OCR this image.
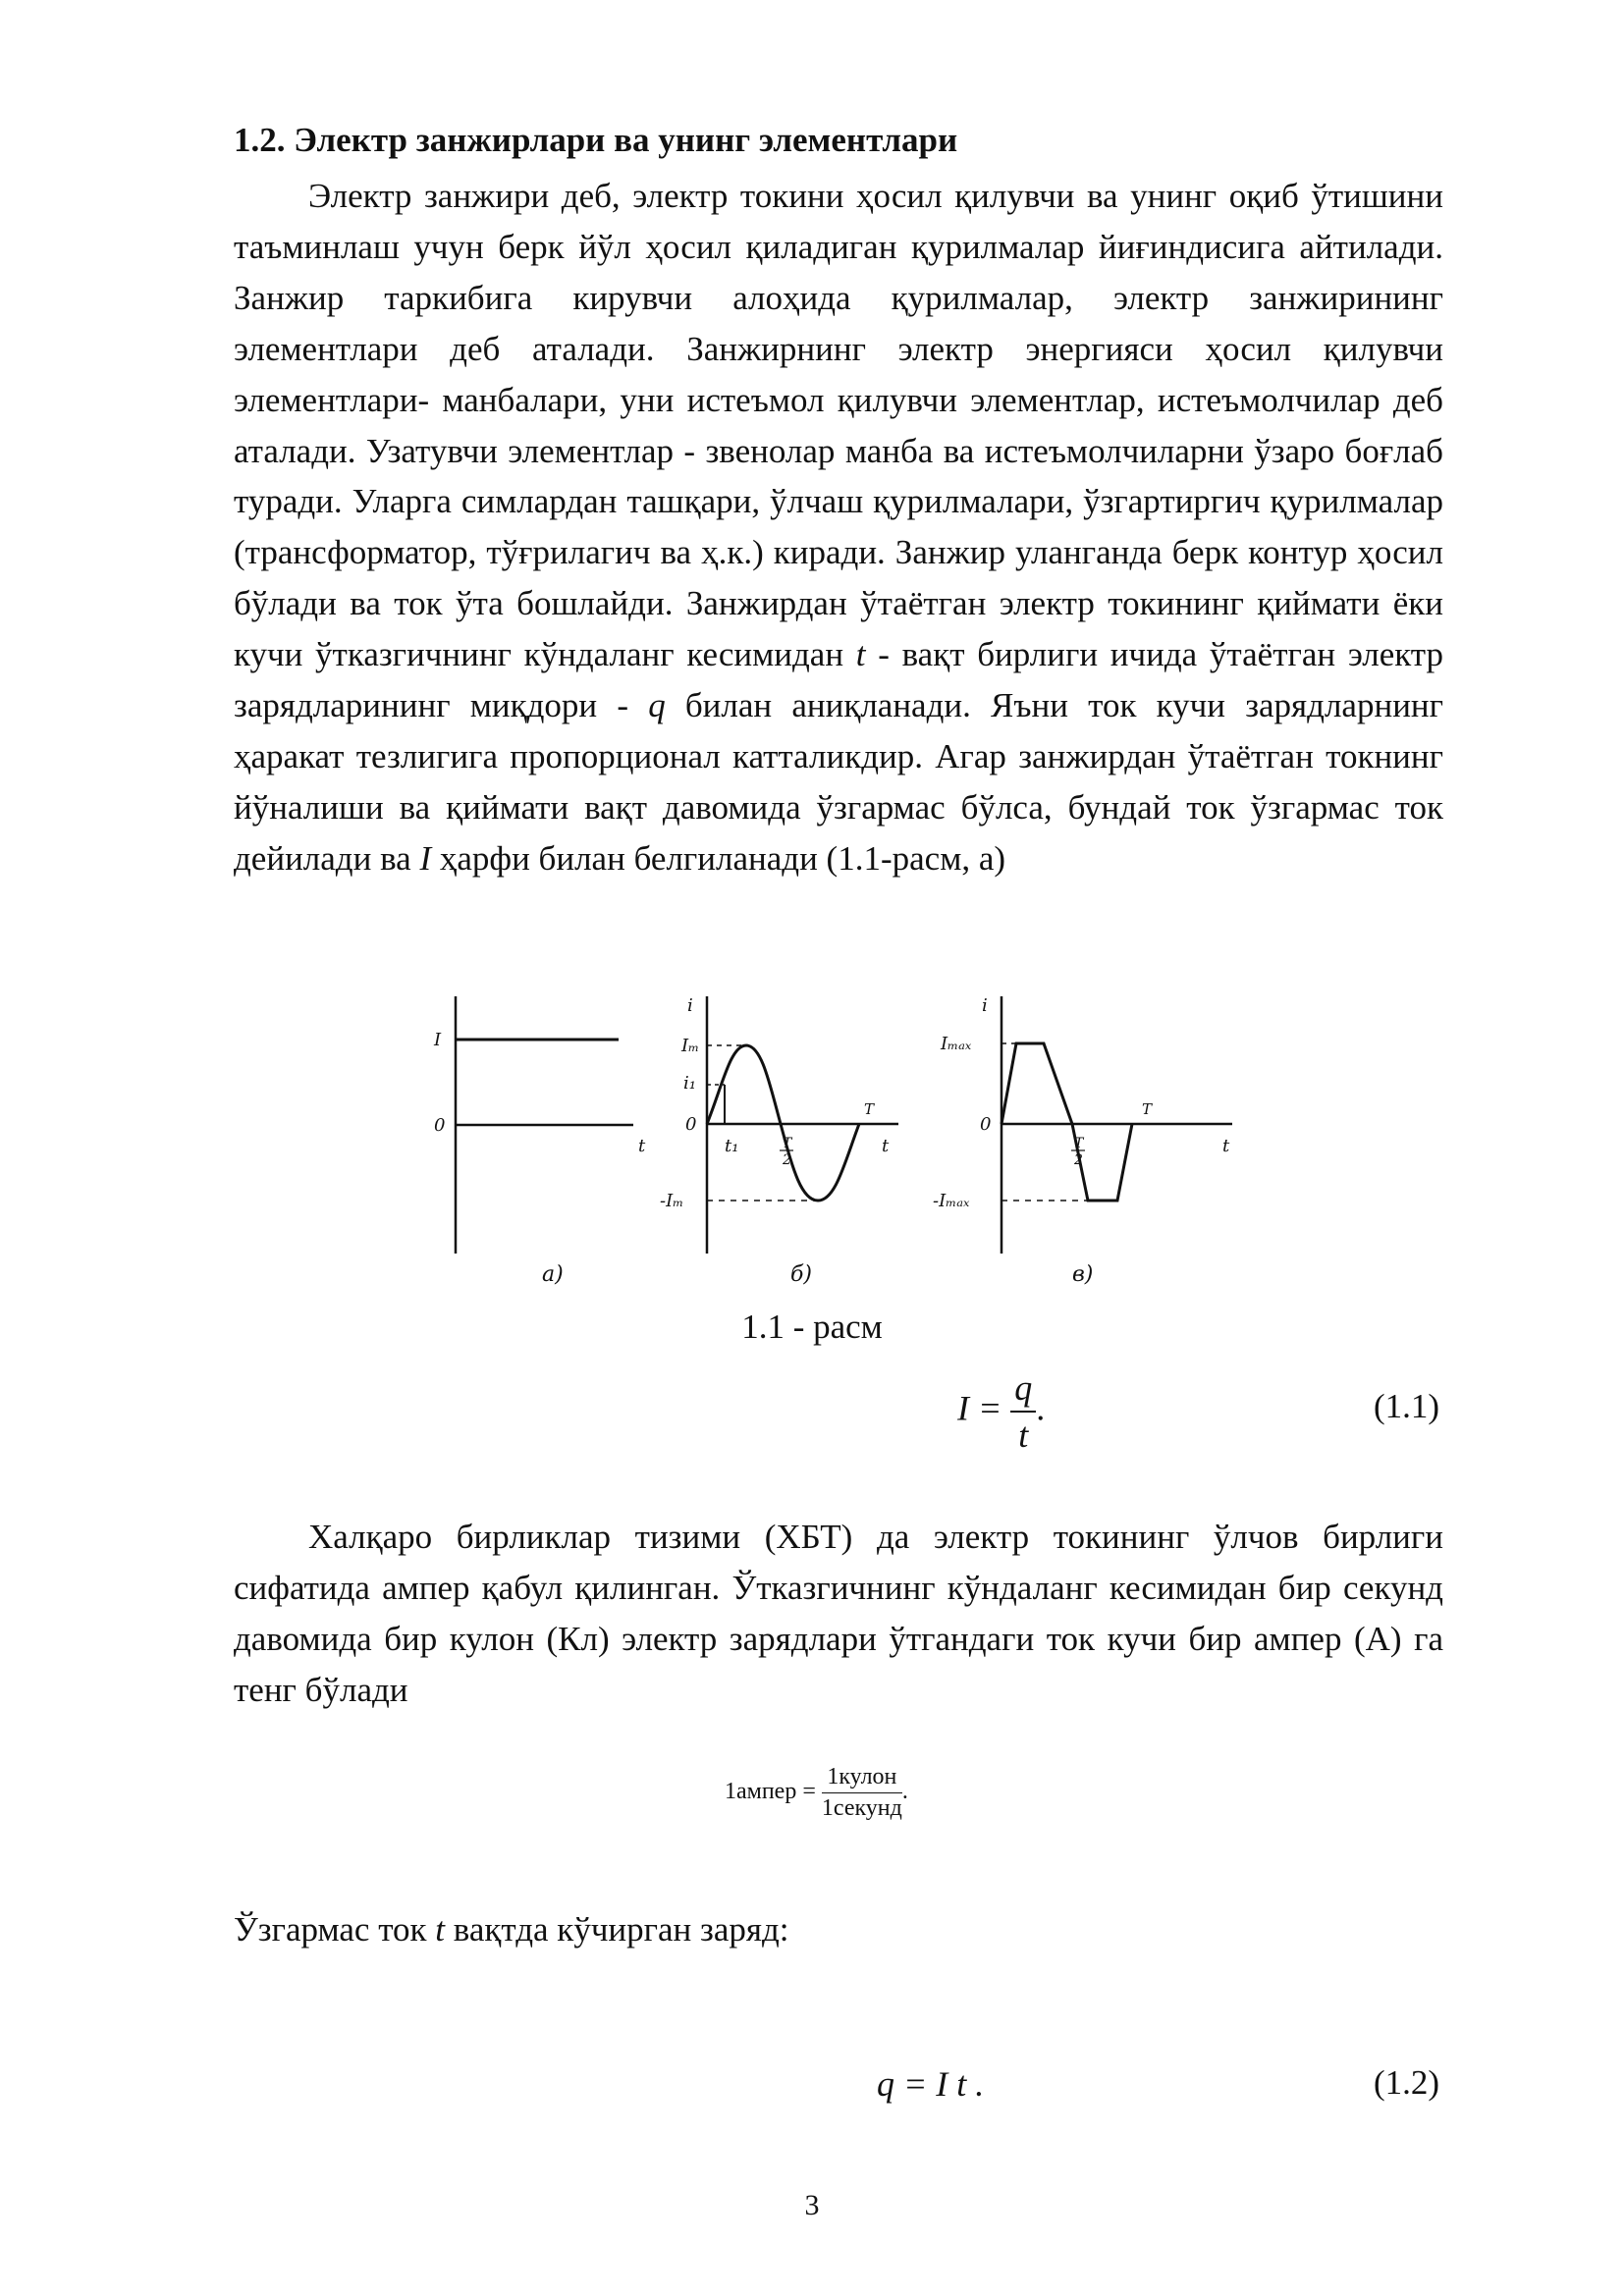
1.2. Электр занжирлари ва унинг элементлари

Электр занжири деб, электр токини ҳосил қилувчи ва унинг оқиб ўтишини таъминлаш учун берк йўл ҳосил қиладиган қурилмалар йиғиндисига айтилади. Занжир таркибига кирувчи алоҳида қурилмалар, электр занжирининг элементлари деб аталади. Занжирнинг электр энергияси ҳосил қилувчи элементлари- манбалари, уни истеъмол қилувчи элементлар, истеъмолчилар деб аталади. Узатувчи элементлар - звенолар манба ва истеъмолчиларни ўзаро боғлаб туради. Уларга симлардан ташқари, ўлчаш қурилмалари, ўзгартиргич қурилмалар (трансформатор, тўғрилагич ва ҳ.к.) киради. Занжир уланганда берк контур ҳосил бўлади ва ток ўта бошлайди. Занжирдан ўтаётган электр токининг қиймати ёки кучи ўтказгичнинг кўндаланг кесимидан t - вақт бирлиги ичида ўтаётган электр зарядларининг миқдори - q билан аниқланади. Яъни ток кучи зарядларнинг ҳаракат тезлигига пропорционал катталикдир. Агар занжирдан ўтаётган токнинг йўналиши ва қиймати вақт давомида ўзгармас бўлса, бундай ток ўзгармас ток дейилади ва I ҳарфи билан белгиланади (1.1-расм, а)

I
0
t
а)
i
Iₘ
i₁
0
t₁	T
2
T
t
-Iₘ
б)
i
Iₘₐₓ
0
T
2
T
t
-Iₘₐₓ
в)
1.1 - расм
$I = \frac{q}{t}$ .	(1.1)

Халқаро бирликлар тизими (ХБТ) да электр токининг ўлчов бирлиги сифатида ампер қабул қилинган. Ўтказгичнинг кўндаланг кесимидан бир секунд давомида бир кулон (Кл) электр зарядлари ўтгандаги ток кучи бир ампер (А) га тенг бўлади

1ампер = $\frac{\text{1кулон}}{\text{1секунд}}$ .

Ўзгармас ток t вақтда кўчирган заряд:

q = I t .	(1.2)
3
